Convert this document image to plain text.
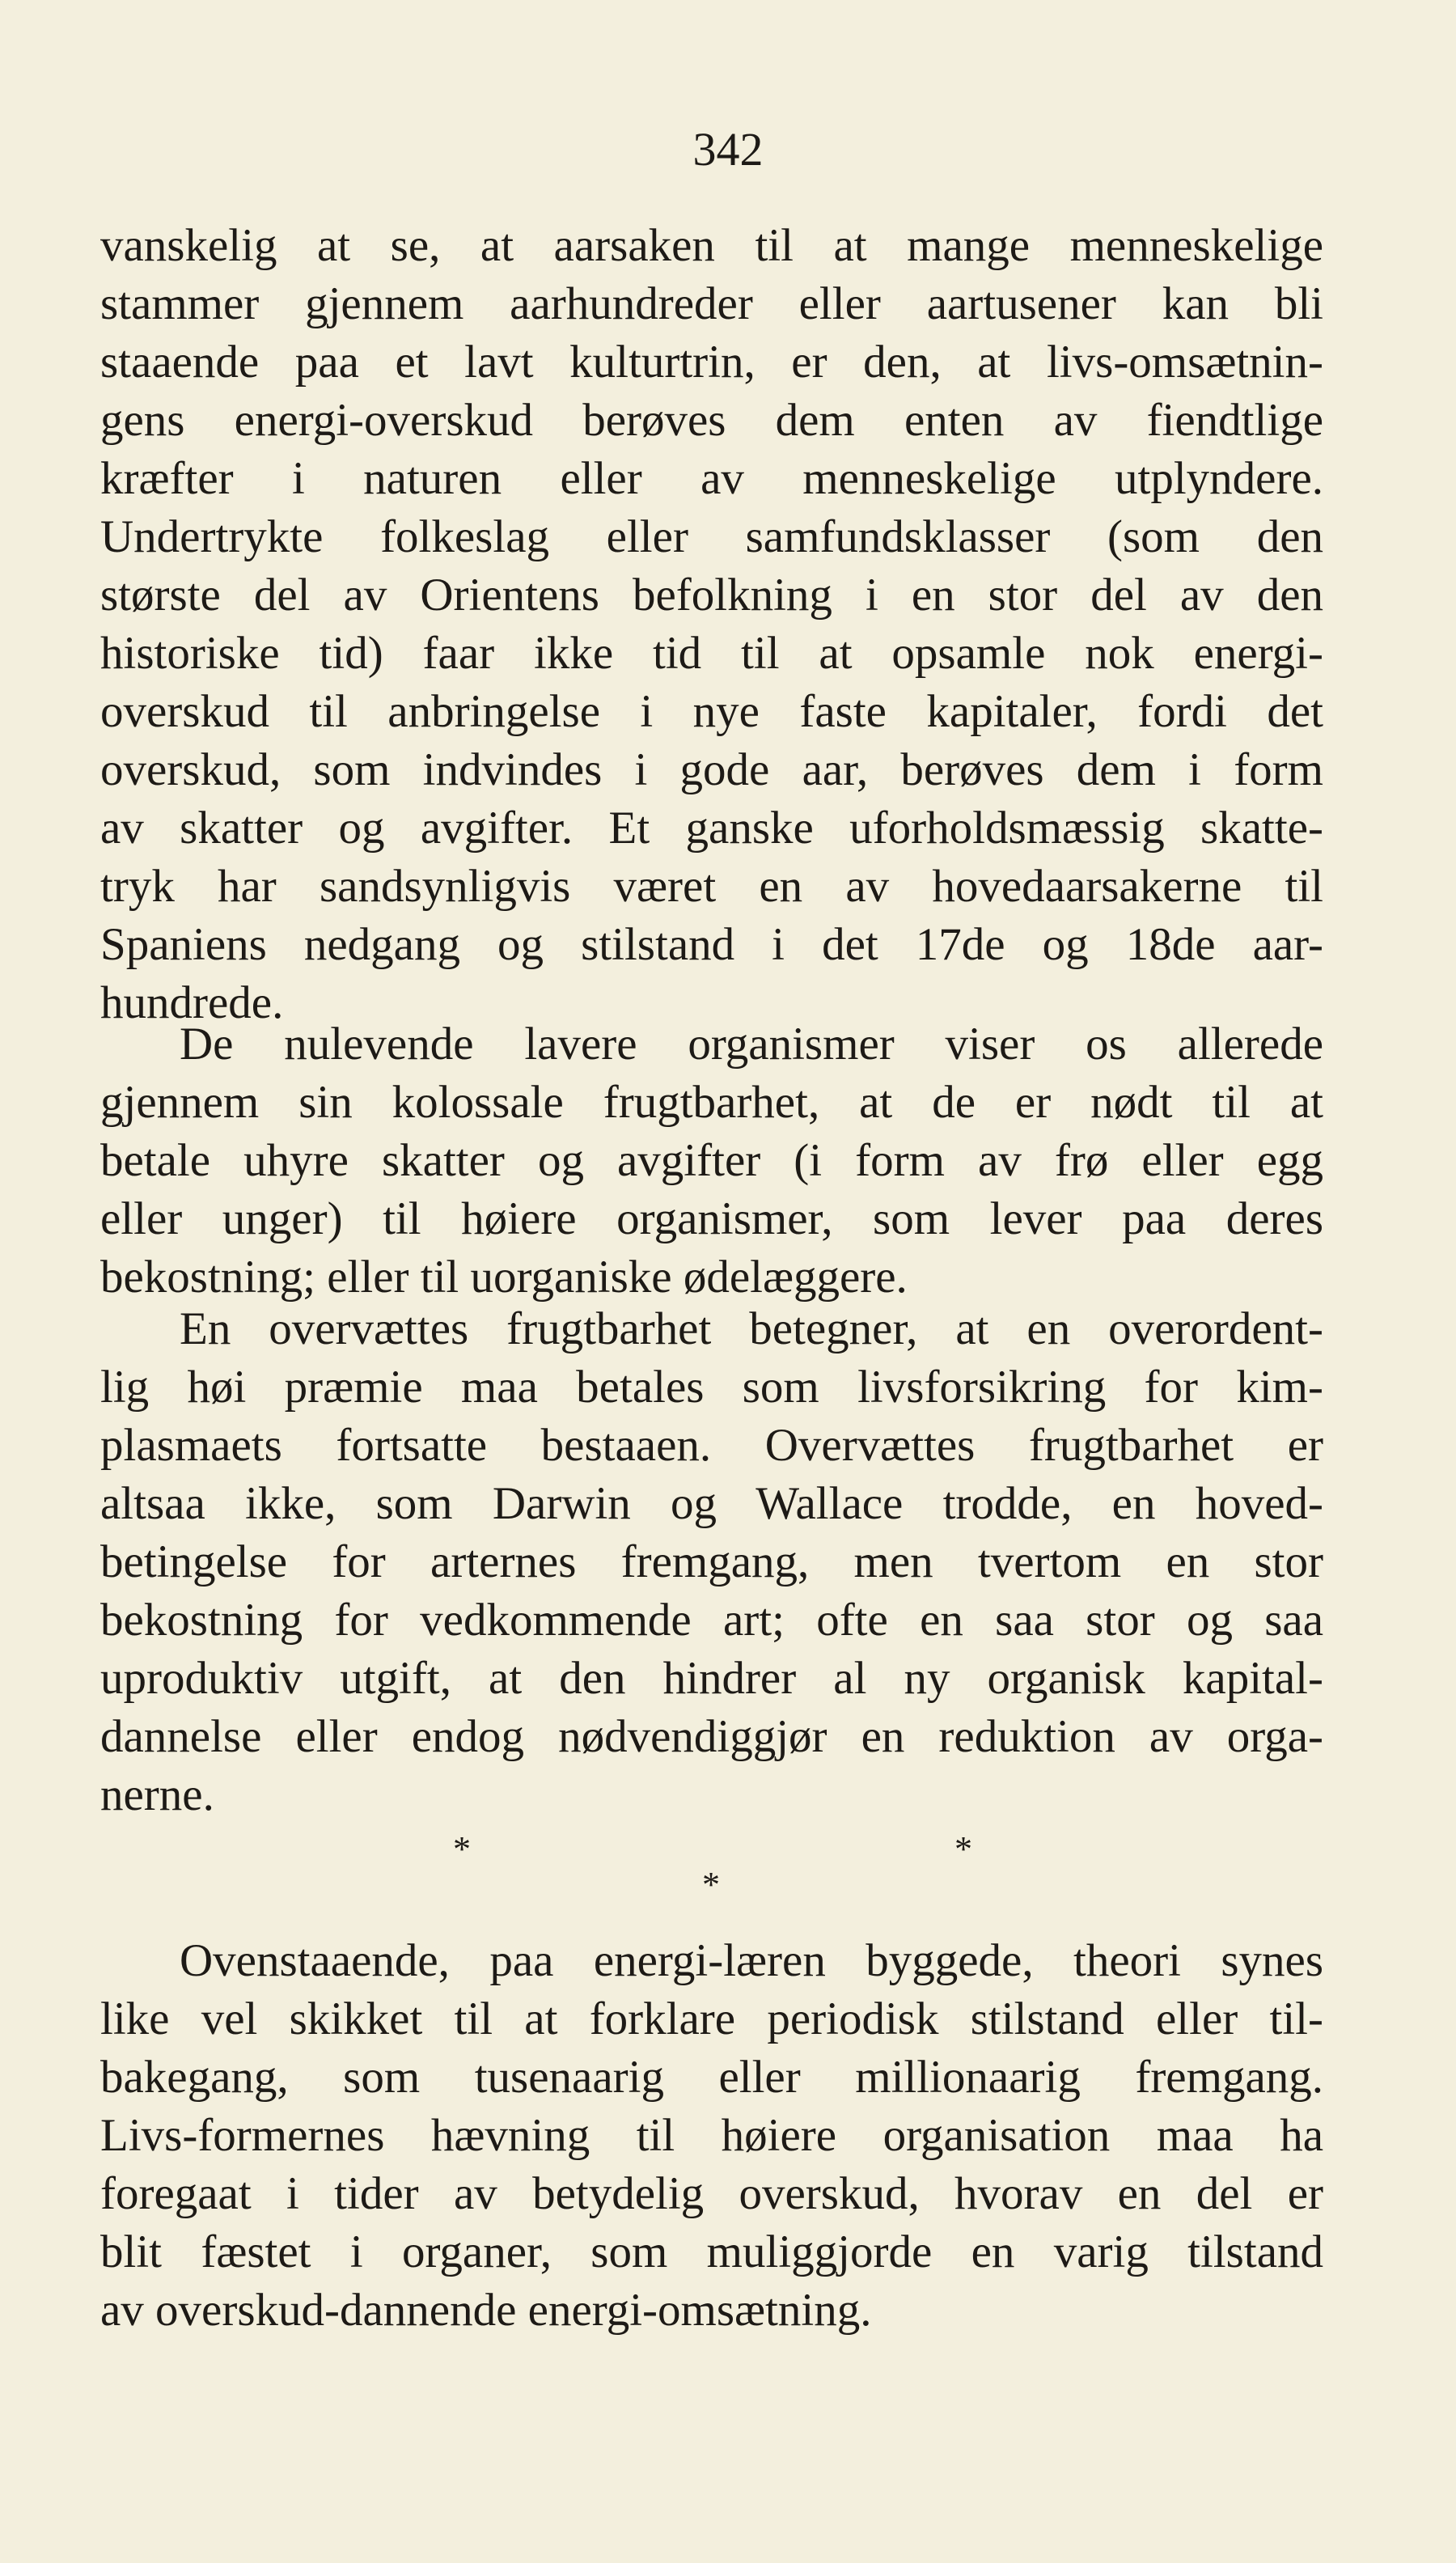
342
vanskelig at se, at aarsaken til at mange menneskelige
stammer gjennem aarhundreder eller aartusener kan bli
staaende paa et lavt kulturtrin, er den, at livs-omsætnin-
gens energi-overskud berøves dem enten av fiendtlige
kræfter i naturen eller av menneskelige utplyndere.
Undertrykte folkeslag eller samfundsklasser (som den
største del av Orientens befolkning i en stor del av den
historiske tid) faar ikke tid til at opsamle nok energi-
overskud til anbringelse i nye faste kapitaler, fordi det
overskud, som indvindes i gode aar, berøves dem i form
av skatter og avgifter. Et ganske uforholdsmæssig skatte-
tryk har sandsynligvis været en av hovedaarsakerne til
Spaniens nedgang og stilstand i det 17de og 18de aar-
hundrede.
De nulevende lavere organismer viser os allerede
gjennem sin kolossale frugtbarhet, at de er nødt til at
betale uhyre skatter og avgifter (i form av frø eller egg
eller unger) til høiere organismer, som lever paa deres
bekostning; eller til uorganiske ødelæggere.
En overvættes frugtbarhet betegner, at en overordent-
lig høi præmie maa betales som livsforsikring for kim-
plasmaets fortsatte bestaaen. Overvættes frugtbarhet er
altsaa ikke, som Darwin og Wallace trodde, en hoved-
betingelse for arternes fremgang, men tvertom en stor
bekostning for vedkommende art; ofte en saa stor og saa
uproduktiv utgift, at den hindrer al ny organisk kapital-
dannelse eller endog nødvendiggjør en reduktion av orga-
nerne.
*
*
*
Ovenstaaende, paa energi-læren byggede, theori synes
like vel skikket til at forklare periodisk stilstand eller til-
bakegang, som tusenaarig eller millionaarig fremgang.
Livs-formernes hævning til høiere organisation maa ha
foregaat i tider av betydelig overskud, hvorav en del er
blit fæstet i organer, som muliggjorde en varig tilstand
av overskud-dannende energi-omsætning.
